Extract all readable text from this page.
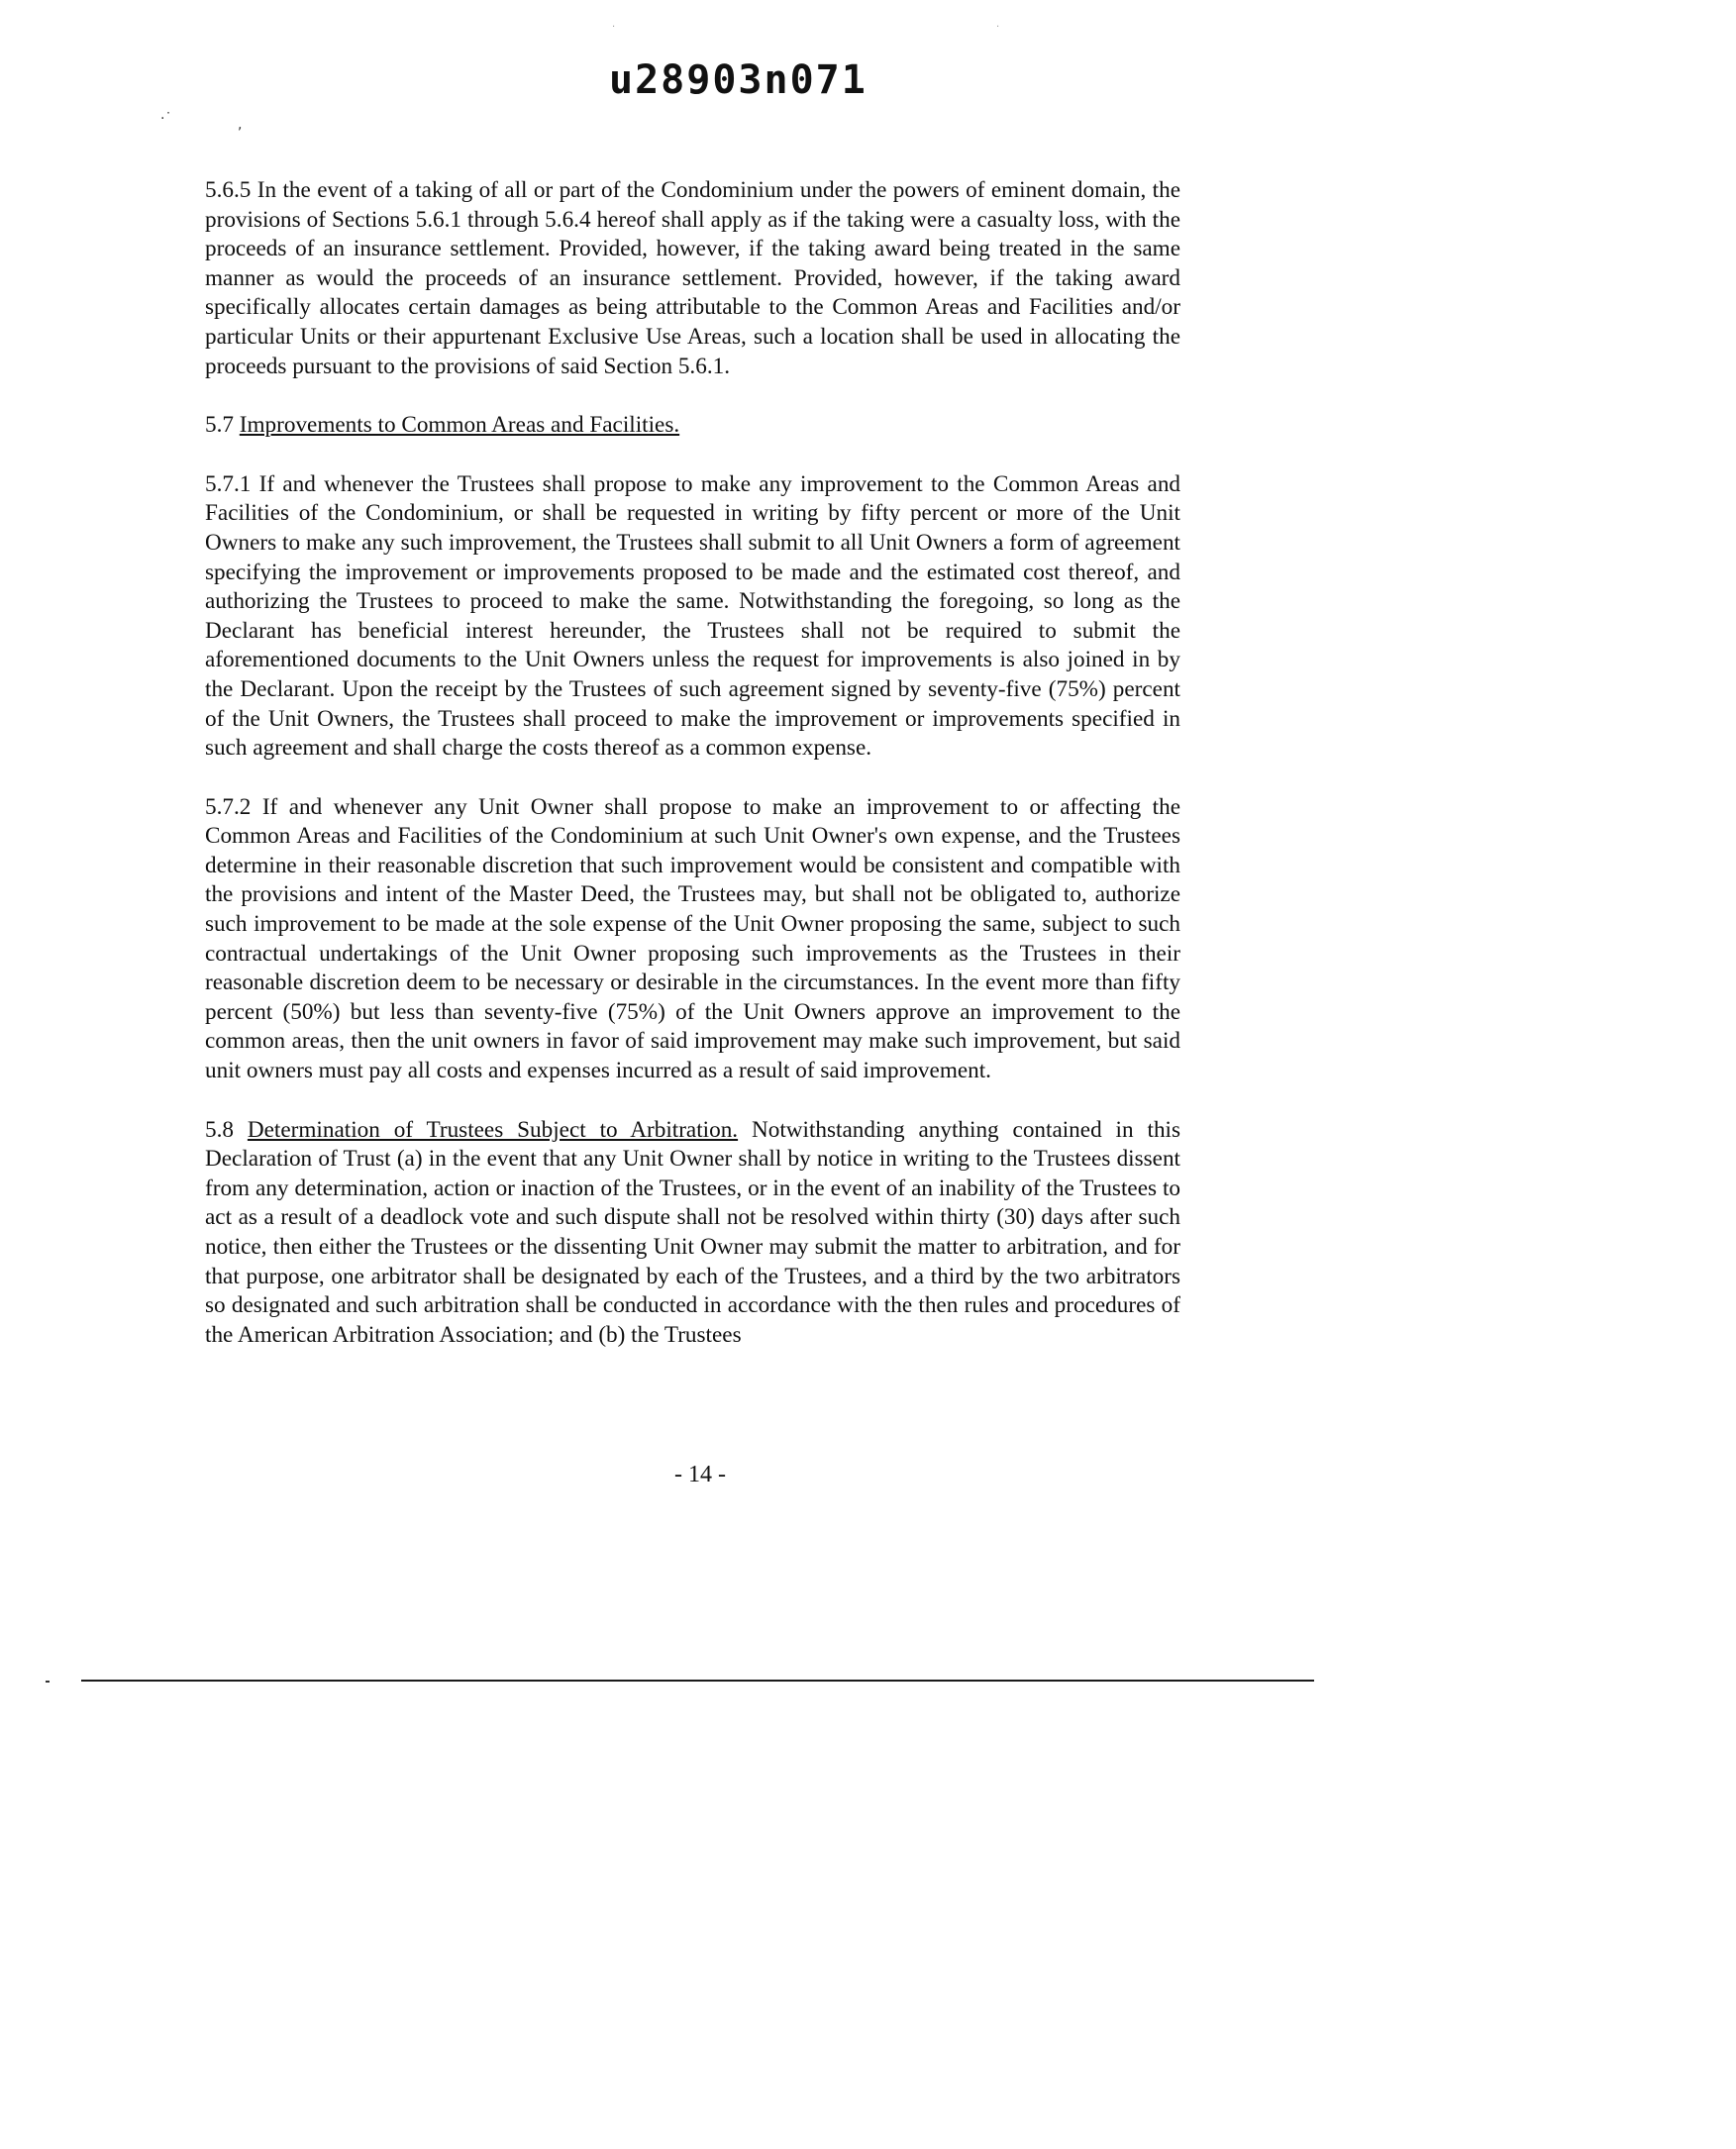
·	·
u28903n071
·˙	,

5.6.5 In the event of a taking of all or part of the Condominium under the powers of eminent domain, the provisions of Sections 5.6.1 through 5.6.4 hereof shall apply as if the taking were a casualty loss, with the proceeds of an insurance settlement. Provided, however, if the taking award being treated in the same manner as would the proceeds of an insurance settlement. Provided, however, if the taking award specifically allocates certain damages as being attributable to the Common Areas and Facilities and/or particular Units or their appurtenant Exclusive Use Areas, such a location shall be used in allocating the proceeds pursuant to the provisions of said Section 5.6.1.

5.7 Improvements to Common Areas and Facilities.

5.7.1 If and whenever the Trustees shall propose to make any improvement to the Common Areas and Facilities of the Condominium, or shall be requested in writing by fifty percent or more of the Unit Owners to make any such improvement, the Trustees shall submit to all Unit Owners a form of agreement specifying the improvement or improvements proposed to be made and the estimated cost thereof, and authorizing the Trustees to proceed to make the same. Notwithstanding the foregoing, so long as the Declarant has beneficial interest hereunder, the Trustees shall not be required to submit the aforementioned documents to the Unit Owners unless the request for improvements is also joined in by the Declarant. Upon the receipt by the Trustees of such agreement signed by seventy-five (75%) percent of the Unit Owners, the Trustees shall proceed to make the improvement or improvements specified in such agreement and shall charge the costs thereof as a common expense.

5.7.2 If and whenever any Unit Owner shall propose to make an improvement to or affecting the Common Areas and Facilities of the Condominium at such Unit Owner's own expense, and the Trustees determine in their reasonable discretion that such improvement would be consistent and compatible with the provisions and intent of the Master Deed, the Trustees may, but shall not be obligated to, authorize such improvement to be made at the sole expense of the Unit Owner proposing the same, subject to such contractual undertakings of the Unit Owner proposing such improvements as the Trustees in their reasonable discretion deem to be necessary or desirable in the circumstances. In the event more than fifty percent (50%) but less than seventy-five (75%) of the Unit Owners approve an improvement to the common areas, then the unit owners in favor of said improvement may make such improvement, but said unit owners must pay all costs and expenses incurred as a result of said improvement.

5.8 Determination of Trustees Subject to Arbitration. Notwithstanding anything contained in this Declaration of Trust (a) in the event that any Unit Owner shall by notice in writing to the Trustees dissent from any determination, action or inaction of the Trustees, or in the event of an inability of the Trustees to act as a result of a deadlock vote and such dispute shall not be resolved within thirty (30) days after such notice, then either the Trustees or the dissenting Unit Owner may submit the matter to arbitration, and for that purpose, one arbitrator shall be designated by each of the Trustees, and a third by the two arbitrators so designated and such arbitration shall be conducted in accordance with the then rules and procedures of the American Arbitration Association; and (b) the Trustees

- 14 -
